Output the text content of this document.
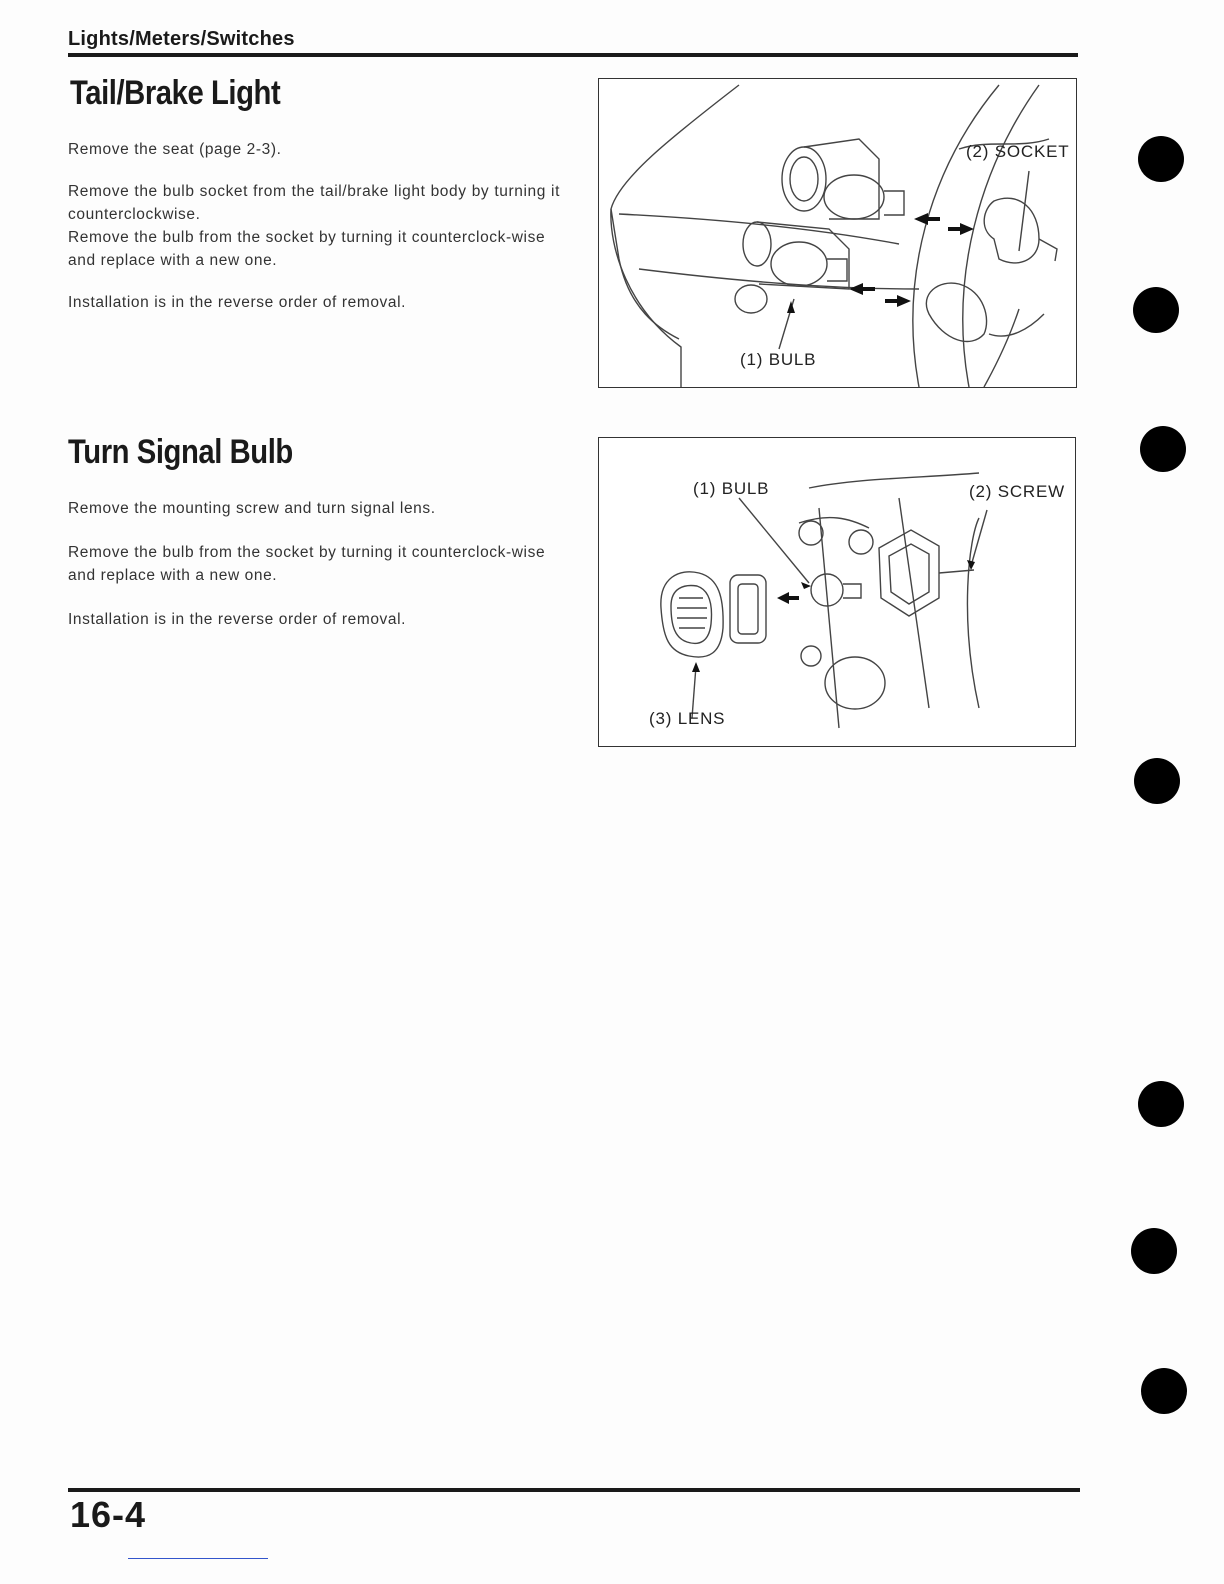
Lights/Meters/Switches
Tail/Brake Light

Remove the seat (page 2-3).

Remove the bulb socket from the tail/brake light body by turning it counterclockwise.

Remove the bulb from the socket by turning it counterclock-wise and replace with a new one.

Installation is in the reverse order of removal.

(2) SOCKET
(1) BULB
Turn Signal Bulb

Remove the mounting screw and turn signal lens.

Remove the bulb from the socket by turning it counterclock-wise and replace with a new one.

Installation is in the reverse order of removal.

(1) BULB	(2) SCREW
(3) LENS
16-4
